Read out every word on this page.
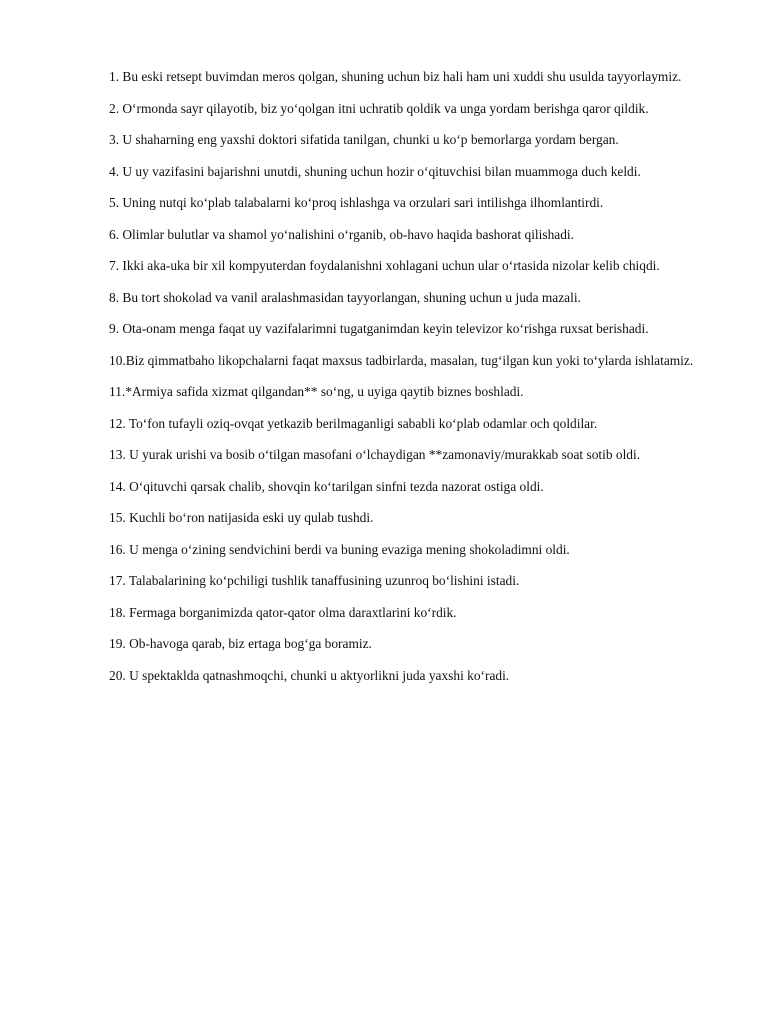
1. Bu eski retsept buvimdan meros qolgan, shuning uchun biz hali ham uni xuddi shu usulda tayyorlaymiz.

2. O‘rmonda sayr qilayotib, biz yo‘qolgan itni uchratib qoldik va unga yordam berishga qaror qildik.

3. U shaharning eng yaxshi doktori sifatida tanilgan, chunki u ko‘p bemorlarga yordam bergan.

4. U uy vazifasini bajarishni unutdi, shuning uchun hozir o‘qituvchisi bilan muammoga duch keldi.

5. Uning nutqi ko‘plab talabalarni ko‘proq ishlashga va orzulari sari intilishga ilhomlantirdi.

6. Olimlar bulutlar va shamol yo‘nalishini o‘rganib, ob-havo haqida bashorat qilishadi.

7. Ikki aka-uka bir xil kompyuterdan foydalanishni xohlagani uchun ular o‘rtasida nizolar kelib chiqdi.

8. Bu tort shokolad va vanil aralashmasidan tayyorlangan, shuning uchun u juda mazali.

9. Ota-onam menga faqat uy vazifalarimni tugatganimdan keyin televizor ko‘rishga ruxsat berishadi.

10.Biz qimmatbaho likopchalarni faqat maxsus tadbirlarda, masalan, tug‘ilgan kun yoki to‘ylarda ishlatamiz.

11.*Armiya safida xizmat qilgandan** so‘ng, u uyiga qaytib biznes boshladi.

12. To‘fon tufayli oziq-ovqat yetkazib berilmaganligi sababli ko‘plab odamlar och qoldilar.

13. U yurak urishi va bosib o‘tilgan masofani o‘lchaydigan **zamonaviy/murakkab soat sotib oldi.

14. O‘qituvchi qarsak chalib, shovqin ko‘tarilgan sinfni tezda nazorat ostiga oldi.

15. Kuchli bo‘ron natijasida eski uy qulab tushdi.

16. U menga o‘zining sendvichini berdi va buning evaziga mening shokoladimni oldi.

17. Talabalarining ko‘pchiligi tushlik tanaffusining uzunroq bo‘lishini istadi.

18. Fermaga borganimizda qator-qator olma daraxtlarini ko‘rdik.

19. Ob-havoga qarab, biz ertaga bog‘ga boramiz.

20. U spektaklda qatnashmoqchi, chunki u aktyorlikni juda yaxshi ko‘radi.
